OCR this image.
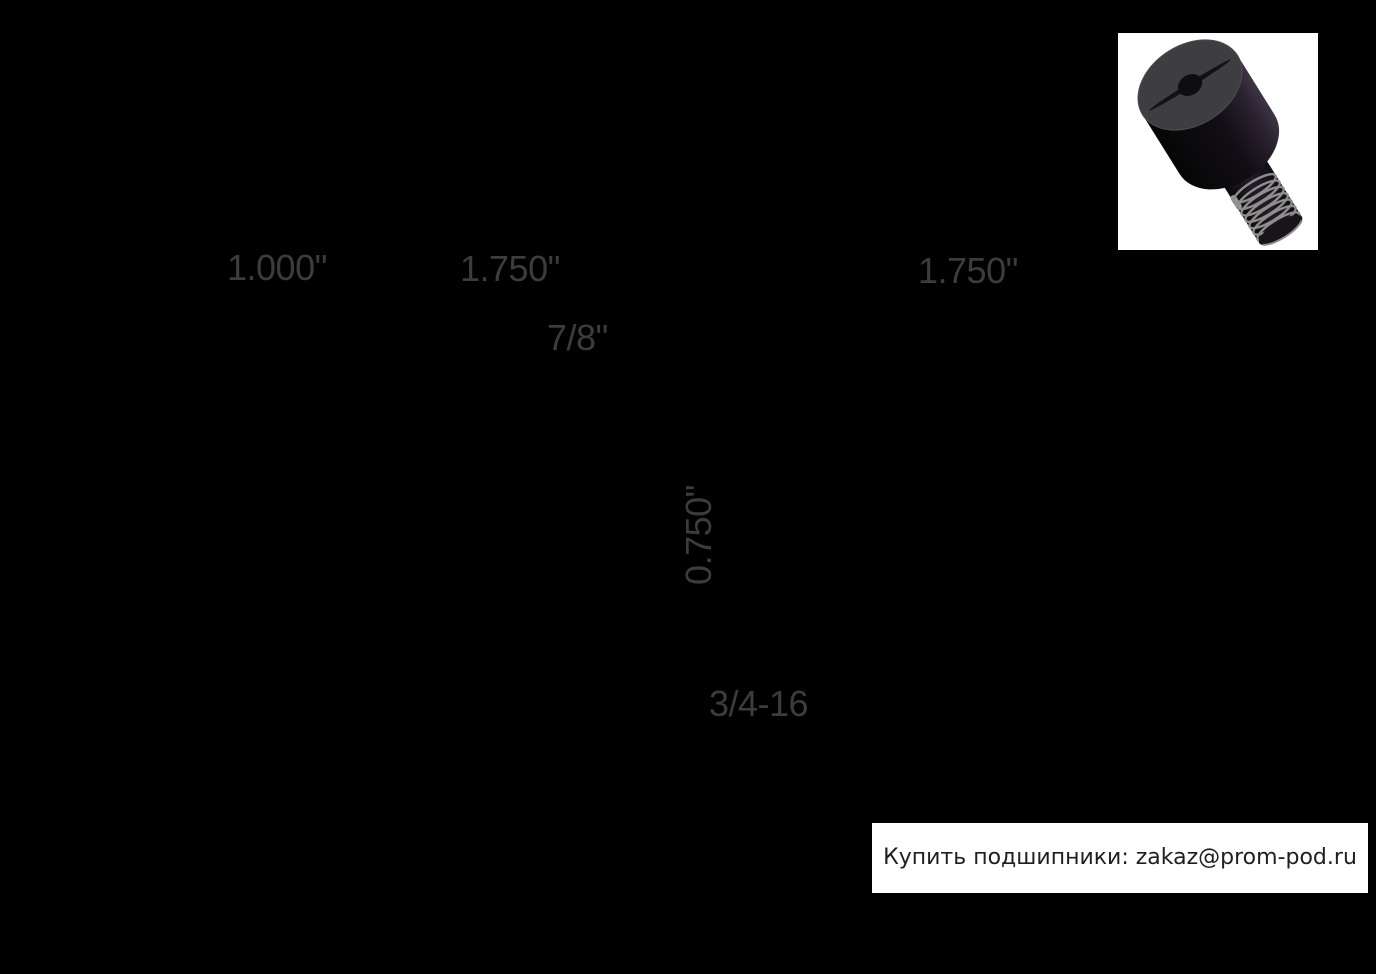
1.000"	1.750"
7/8"
1.750"
0.750"
3/4-16
Купить подшипники: zakaz@prom-pod.ru
